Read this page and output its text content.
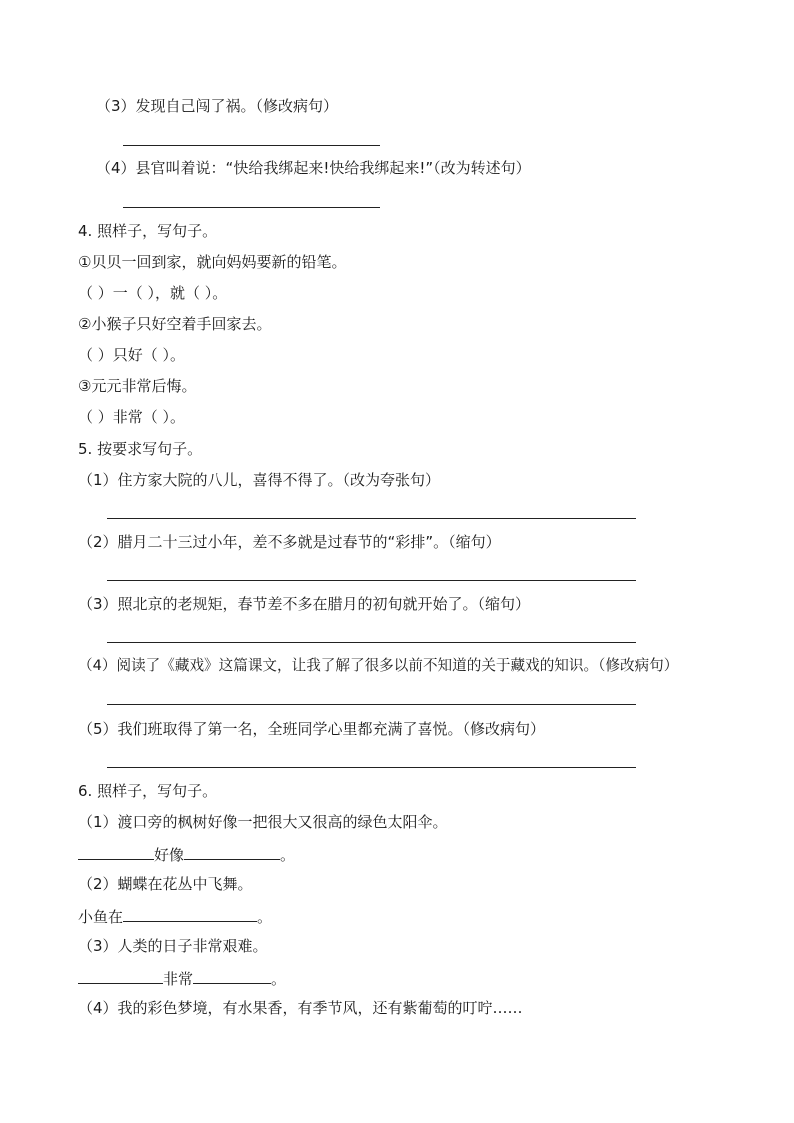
（3）发现自己闯了祸。（修改病句）
（4）县官叫着说：“快给我绑起来!快给我绑起来!”（改为转述句）
4. 照样子，写句子。
①贝贝一回到家，就向妈妈要新的铅笔。
（ ）一（ ），就（ ）。
②小猴子只好空着手回家去。
（ ）只好（ ）。
③元元非常后悔。
（ ）非常（ ）。
5. 按要求写句子。
（1）住方家大院的八儿，喜得不得了。（改为夸张句）
（2）腊月二十三过小年，差不多就是过春节的“彩排”。（缩句）
（3）照北京的老规矩，春节差不多在腊月的初旬就开始了。（缩句）
（4）阅读了《藏戏》这篇课文，让我了解了很多以前不知道的关于藏戏的知识。（修改病句）
（5）我们班取得了第一名，全班同学心里都充满了喜悦。（修改病句）
6. 照样子，写句子。
（1）渡口旁的枫树好像一把很大又很高的绿色太阳伞。
好像	。
（2）蝴蝶在花丛中飞舞。
小鱼在	。
（3）人类的日子非常艰难。
非常	。
（4）我的彩色梦境，有水果香，有季节风，还有紫葡萄的叮咛……
